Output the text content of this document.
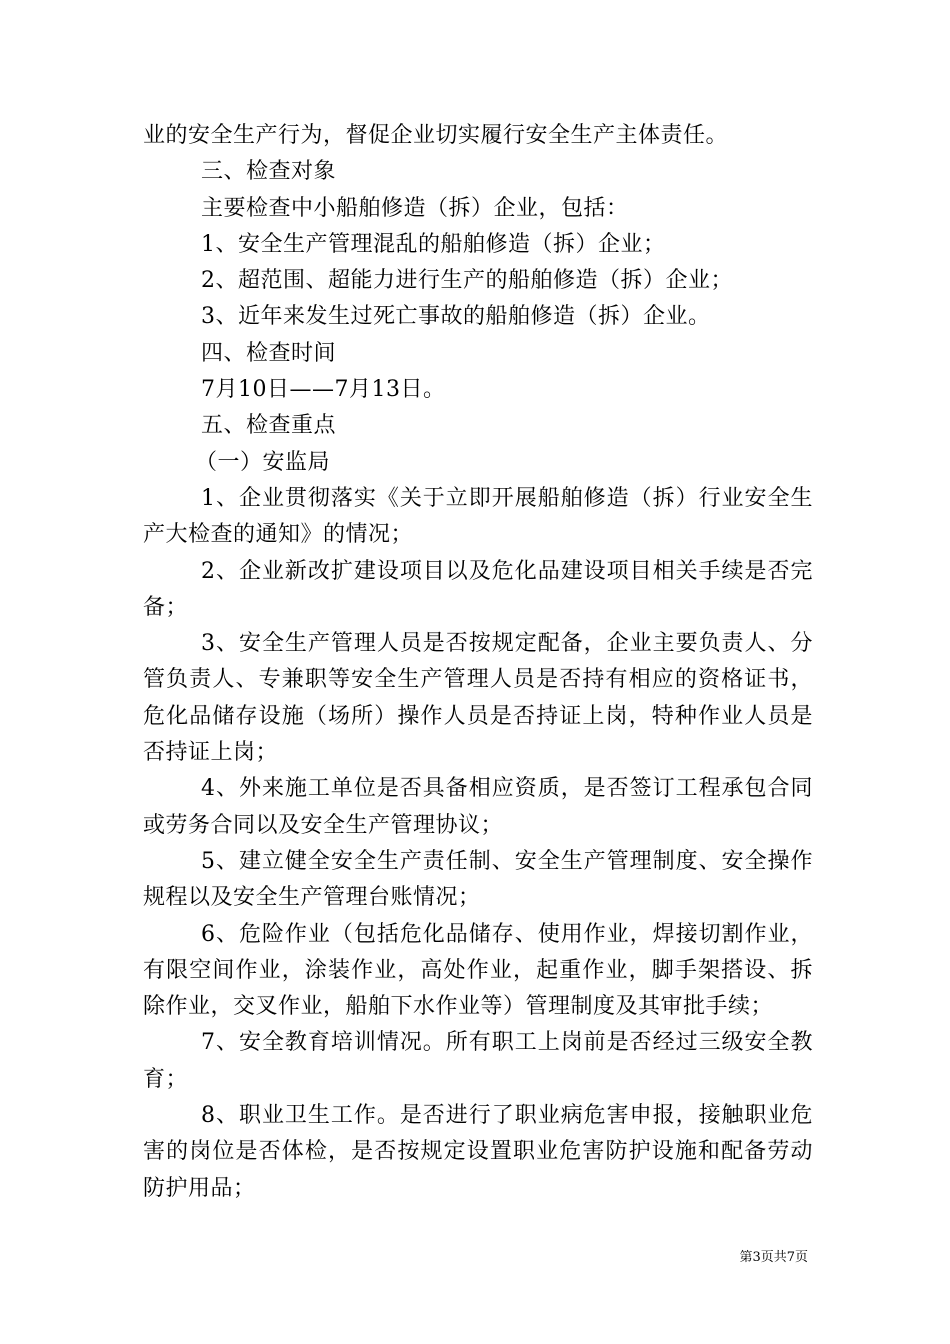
业的安全生产行为，督促企业切实履行安全生产主体责任。
三、检查对象
主要检查中小船舶修造（拆）企业，包括：
1、安全生产管理混乱的船舶修造（拆）企业；
2、超范围、超能力进行生产的船舶修造（拆）企业；
3、近年来发生过死亡事故的船舶修造（拆）企业。
四、检查时间
7月10日——7月13日。
五、检查重点
（一）安监局
1、企业贯彻落实《关于立即开展船舶修造（拆）行业安全生
产大检查的通知》的情况；
2、企业新改扩建设项目以及危化品建设项目相关手续是否完
备；
3、安全生产管理人员是否按规定配备，企业主要负责人、分
管负责人、专兼职等安全生产管理人员是否持有相应的资格证书，
危化品储存设施（场所）操作人员是否持证上岗，特种作业人员是
否持证上岗；
4、外来施工单位是否具备相应资质，是否签订工程承包合同
或劳务合同以及安全生产管理协议；
5、建立健全安全生产责任制、安全生产管理制度、安全操作
规程以及安全生产管理台账情况；
6、危险作业（包括危化品储存、使用作业，焊接切割作业，
有限空间作业，涂装作业，高处作业，起重作业，脚手架搭设、拆
除作业，交叉作业，船舶下水作业等）管理制度及其审批手续；
7、安全教育培训情况。所有职工上岗前是否经过三级安全教
育；
8、职业卫生工作。是否进行了职业病危害申报，接触职业危
害的岗位是否体检，是否按规定设置职业危害防护设施和配备劳动
防护用品；
第3页共7页
